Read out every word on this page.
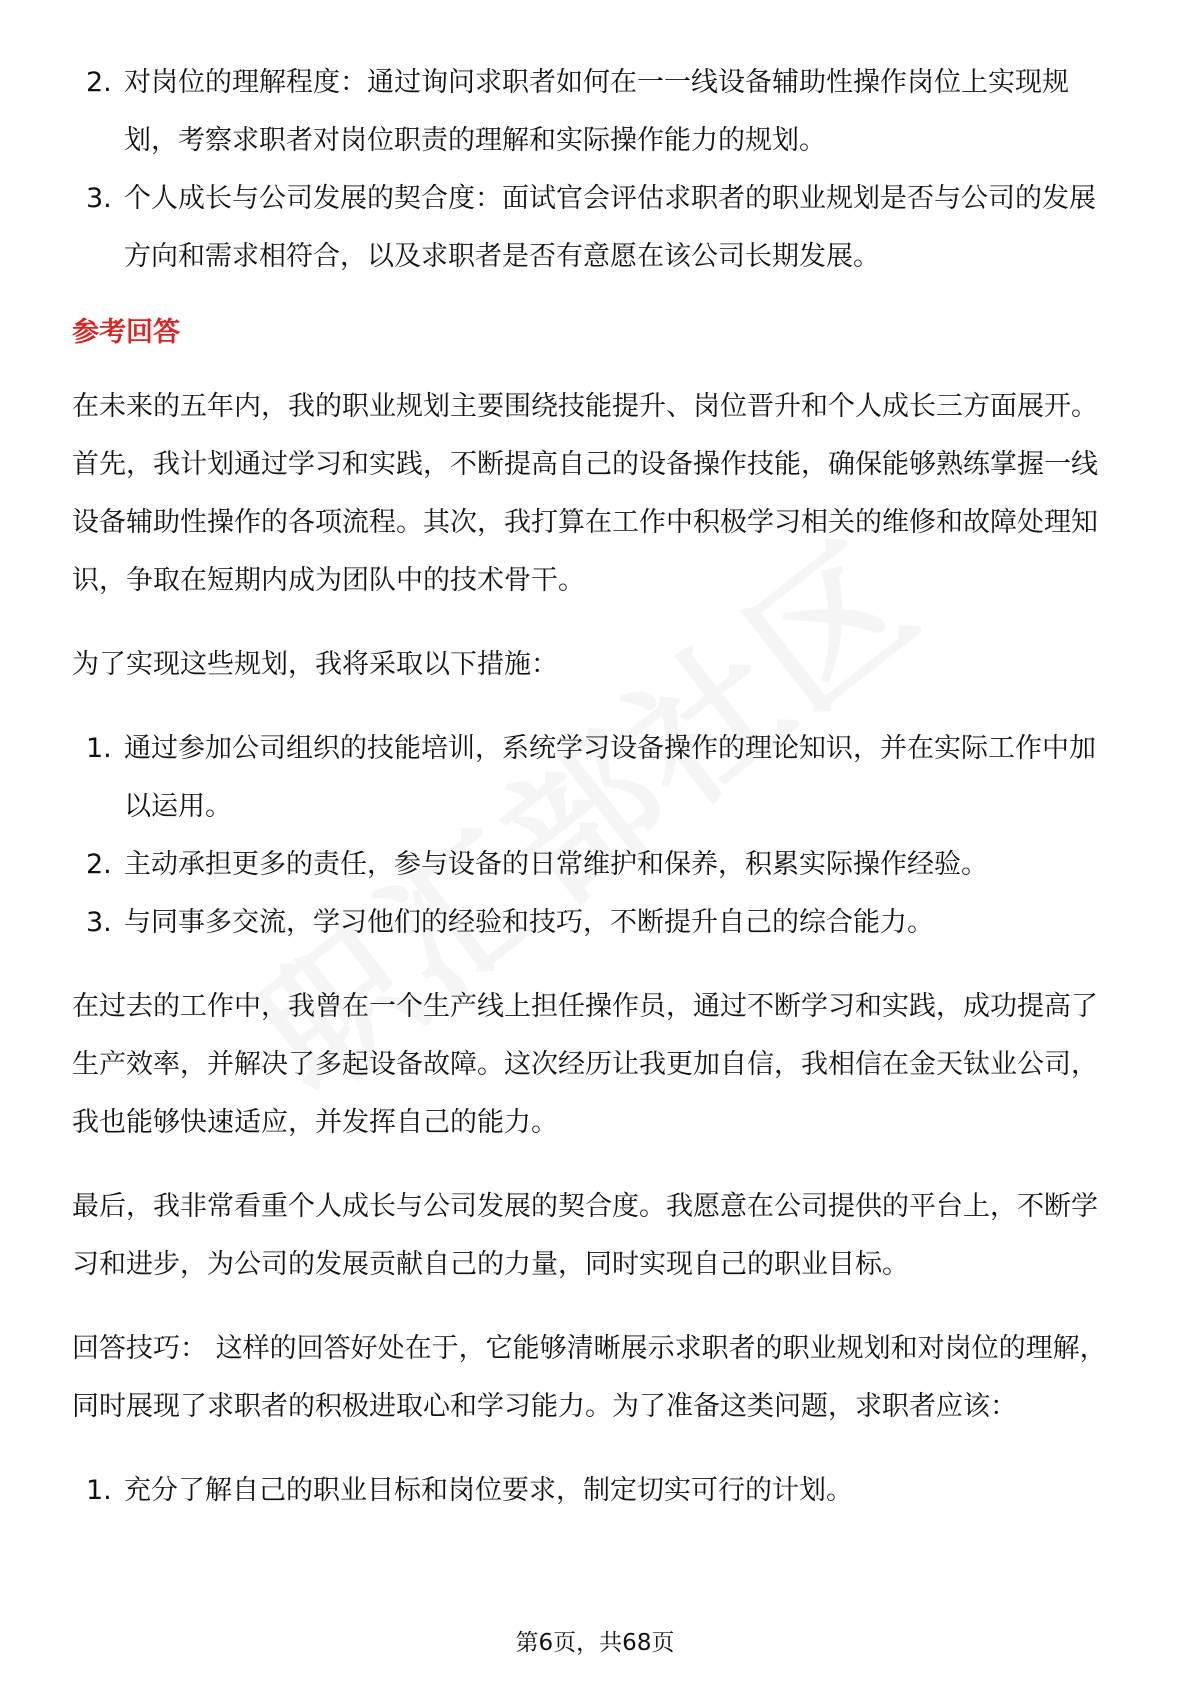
2. 对岗位的理解程度：通过询问求职者如何在一一线设备辅助性操作岗位上实现规划，考察求职者对岗位职责的理解和实际操作能力的规划。
3. 个人成长与公司发展的契合度：面试官会评估求职者的职业规划是否与公司的发展方向和需求相符合，以及求职者是否有意愿在该公司长期发展。
参考回答

在未来的五年内，我的职业规划主要围绕技能提升、岗位晋升和个人成长三方面展开。首先，我计划通过学习和实践，不断提高自己的设备操作技能，确保能够熟练掌握一线设备辅助性操作的各项流程。其次，我打算在工作中积极学习相关的维修和故障处理知识，争取在短期内成为团队中的技术骨干。

为了实现这些规划，我将采取以下措施：

1. 通过参加公司组织的技能培训，系统学习设备操作的理论知识，并在实际工作中加以运用。
2. 主动承担更多的责任，参与设备的日常维护和保养，积累实际操作经验。
3. 与同事多交流，学习他们的经验和技巧，不断提升自己的综合能力。

在过去的工作中，我曾在一个生产线上担任操作员，通过不断学习和实践，成功提高了生产效率，并解决了多起设备故障。这次经历让我更加自信，我相信在金天钛业公司，我也能够快速适应，并发挥自己的能力。

最后，我非常看重个人成长与公司发展的契合度。我愿意在公司提供的平台上，不断学习和进步，为公司的发展贡献自己的力量，同时实现自己的职业目标。

回答技巧： 这样的回答好处在于，它能够清晰展示求职者的职业规划和对岗位的理解，同时展现了求职者的积极进取心和学习能力。为了准备这类问题，求职者应该：

1. 充分了解自己的职业目标和岗位要求，制定切实可行的计划。
第6页，共68页
